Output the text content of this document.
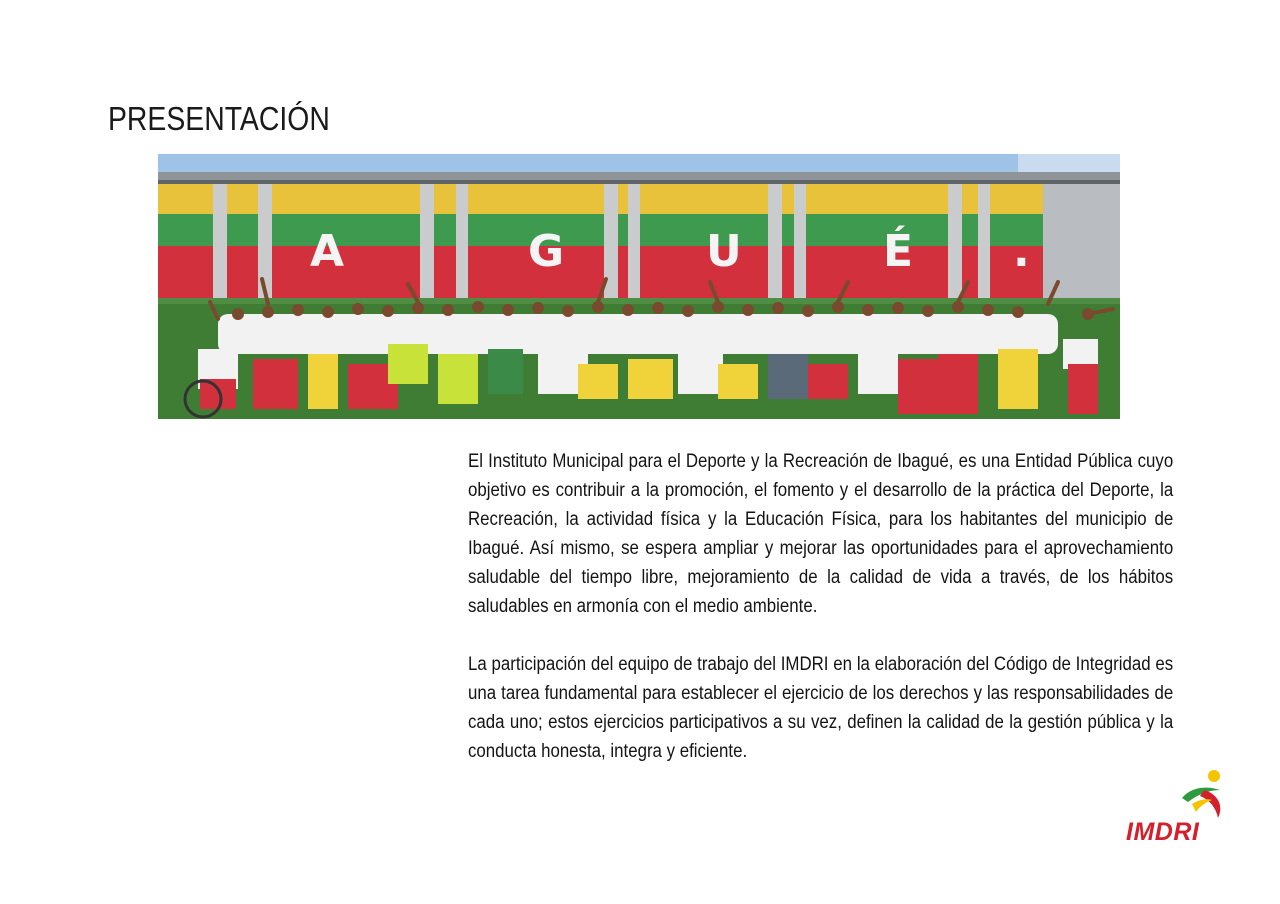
PRESENTACIÓN
A	G	U	É .

El Instituto Municipal para el Deporte y la Recreación de Ibagué, es una Entidad Pública cuyo objetivo es contribuir a la promoción, el fomento y el desarrollo de la práctica del Deporte, la Recreación, la actividad física y la Educación Física, para los habitantes del municipio de Ibagué. Así mismo, se espera ampliar y mejorar las oportunidades para el aprovechamiento saludable del tiempo libre, mejoramiento de la calidad de vida a través, de los hábitos saludables en armonía con el medio ambiente.

La participación del equipo de trabajo del IMDRI en la elaboración del Código de Integridad es una tarea fundamental para establecer el ejercicio de los derechos y las responsabilidades de cada uno; estos ejercicios participativos a su vez, definen la calidad de la gestión pública y la conducta honesta, integra y eficiente.

IMDRI
